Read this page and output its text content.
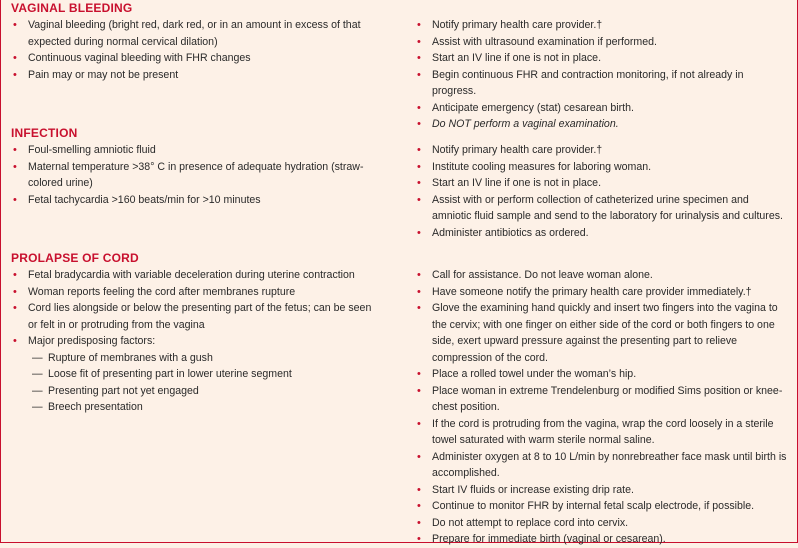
VAGINAL BLEEDING
• Vaginal bleeding (bright red, dark red, or in an amount in excess of that expected during normal cervical dilation)
• Continuous vaginal bleeding with FHR changes
• Pain may or may not be present
• Notify primary health care provider.†
• Assist with ultrasound examination if performed.
• Start an IV line if one is not in place.
• Begin continuous FHR and contraction monitoring, if not already in progress.
• Anticipate emergency (stat) cesarean birth.
• Do NOT perform a vaginal examination.
INFECTION
• Foul-smelling amniotic fluid
• Maternal temperature >38° C in presence of adequate hydration (straw-colored urine)
• Fetal tachycardia >160 beats/min for >10 minutes
• Notify primary health care provider.†
• Institute cooling measures for laboring woman.
• Start an IV line if one is not in place.
• Assist with or perform collection of catheterized urine specimen and amniotic fluid sample and send to the laboratory for urinalysis and cultures.
• Administer antibiotics as ordered.
PROLAPSE OF CORD
• Fetal bradycardia with variable deceleration during uterine contraction
• Woman reports feeling the cord after membranes rupture
• Cord lies alongside or below the presenting part of the fetus; can be seen or felt in or protruding from the vagina
• Major predisposing factors:
— Rupture of membranes with a gush
— Loose fit of presenting part in lower uterine segment
— Presenting part not yet engaged
— Breech presentation
• Call for assistance. Do not leave woman alone.
• Have someone notify the primary health care provider immediately.†
• Glove the examining hand quickly and insert two fingers into the vagina to the cervix; with one finger on either side of the cord or both fingers to one side, exert upward pressure against the presenting part to relieve compression of the cord.
• Place a rolled towel under the woman’s hip.
• Place woman in extreme Trendelenburg or modified Sims position or knee-chest position.
• If the cord is protruding from the vagina, wrap the cord loosely in a sterile towel saturated with warm sterile normal saline.
• Administer oxygen at 8 to 10 L/min by nonrebreather face mask until birth is accomplished.
• Start IV fluids or increase existing drip rate.
• Continue to monitor FHR by internal fetal scalp electrode, if possible.
• Do not attempt to replace cord into cervix.
• Prepare for immediate birth (vaginal or cesarean).
